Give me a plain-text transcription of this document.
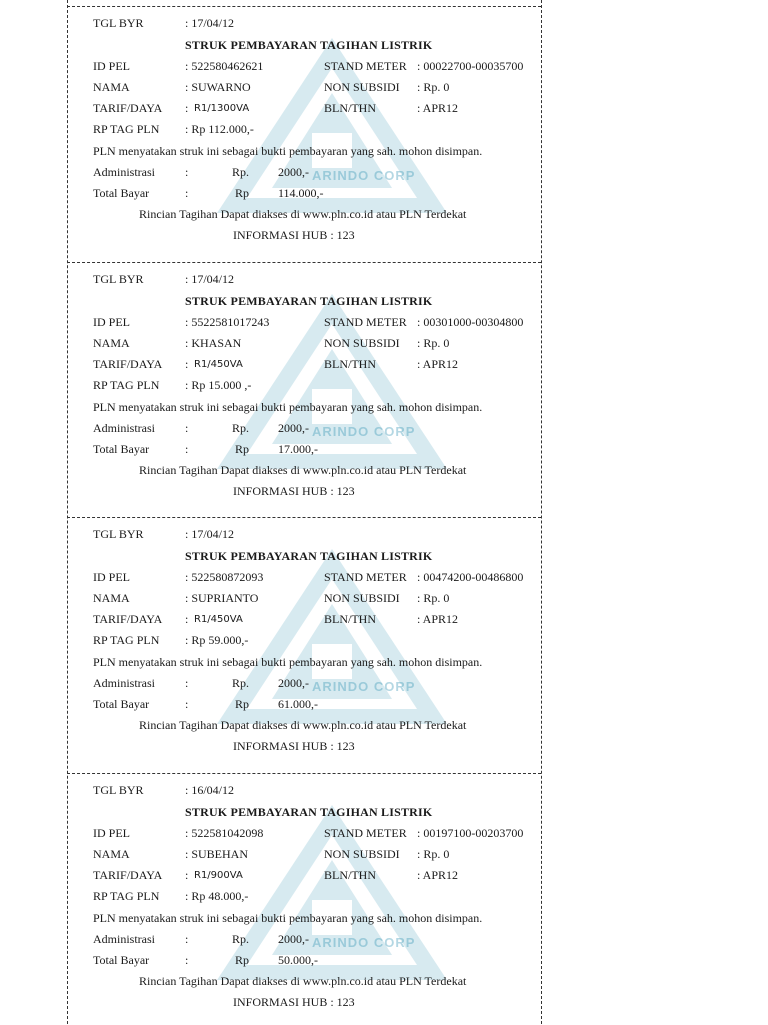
ARINDO CORP
TGL BYR	: 17/04/12
STRUK PEMBAYARAN TAGIHAN LISTRIK
ID PEL	: 522580462621	STAND METER : 00022700-00035700
NAMA	: SUWARNO	NON SUBSIDI : Rp. 0
TARIF/DAYA : R1/1300VA	BLN/THN	: APR12
RP TAG PLN : Rp 112.000,-
PLN menyatakan struk ini sebagai bukti pembayaran yang sah. mohon disimpan.
Administrasi	:	Rp. 2000,-
Total Bayar	:	Rp 114.000,-
Rincian Tagihan Dapat diakses di www.pln.co.id atau PLN Terdekat
INFORMASI HUB : 123
ARINDO CORP
TGL BYR	: 17/04/12
STRUK PEMBAYARAN TAGIHAN LISTRIK
ID PEL	: 5522581017243	STAND METER : 00301000-00304800
NAMA	: KHASAN	NON SUBSIDI : Rp. 0
TARIF/DAYA : R1/450VA	BLN/THN	: APR12
RP TAG PLN : Rp 15.000 ,-
PLN menyatakan struk ini sebagai bukti pembayaran yang sah. mohon disimpan.
Administrasi	:	Rp. 2000,-
Total Bayar	:	Rp 17.000,-
Rincian Tagihan Dapat diakses di www.pln.co.id atau PLN Terdekat
INFORMASI HUB : 123
ARINDO CORP
TGL BYR	: 17/04/12
STRUK PEMBAYARAN TAGIHAN LISTRIK
ID PEL	: 522580872093	STAND METER : 00474200-00486800
NAMA	: SUPRIANTO	NON SUBSIDI : Rp. 0
TARIF/DAYA : R1/450VA	BLN/THN	: APR12
RP TAG PLN : Rp 59.000,-
PLN menyatakan struk ini sebagai bukti pembayaran yang sah. mohon disimpan.
Administrasi	:	Rp. 2000,-
Total Bayar	:	Rp 61.000,-
Rincian Tagihan Dapat diakses di www.pln.co.id atau PLN Terdekat
INFORMASI HUB : 123
ARINDO CORP
TGL BYR	: 16/04/12
STRUK PEMBAYARAN TAGIHAN LISTRIK
ID PEL	: 522581042098	STAND METER : 00197100-00203700
NAMA	: SUBEHAN	NON SUBSIDI : Rp. 0
TARIF/DAYA : R1/900VA	BLN/THN	: APR12
RP TAG PLN : Rp 48.000,-
PLN menyatakan struk ini sebagai bukti pembayaran yang sah. mohon disimpan.
Administrasi	:	Rp. 2000,-
Total Bayar	:	Rp 50.000,-
Rincian Tagihan Dapat diakses di www.pln.co.id atau PLN Terdekat
INFORMASI HUB : 123
